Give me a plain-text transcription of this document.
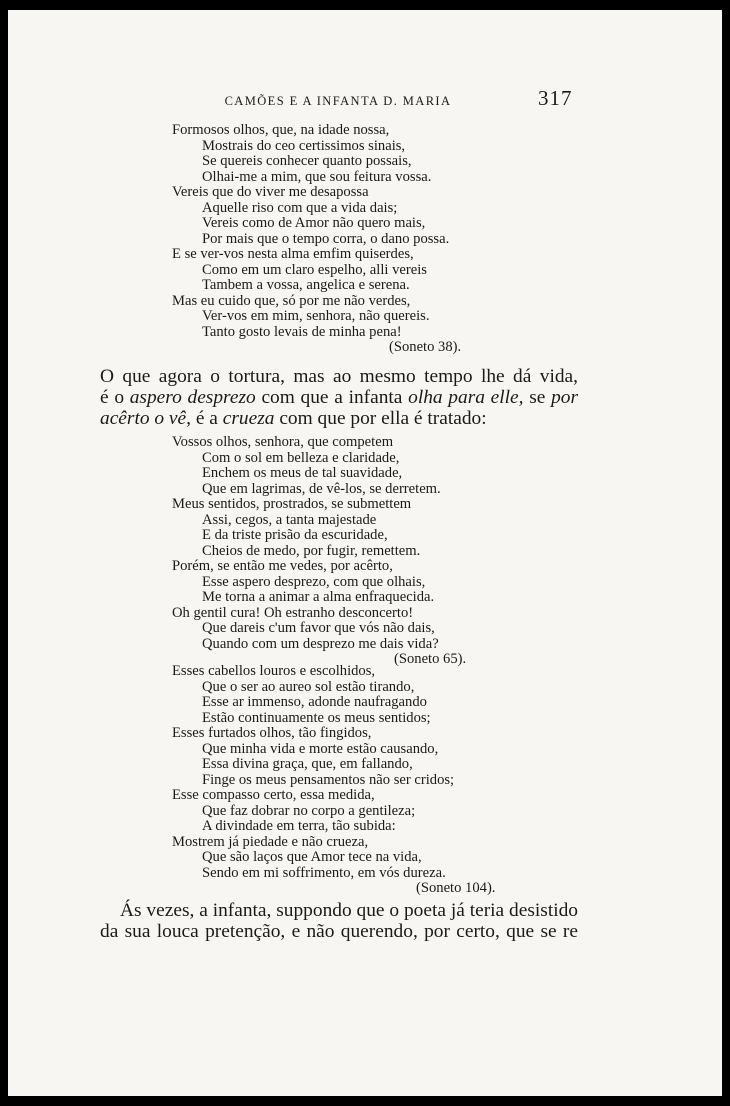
CAMÕES E A INFANTA D. MARIA	317
Formosos olhos, que, na idade nossa,
Mostrais do ceo certissimos sinais,
Se quereis conhecer quanto possais,
Olhai-me a mim, que sou feitura vossa.
Vereis que do viver me desapossa
Aquelle riso com que a vida dais;
Vereis como de Amor não quero mais,
Por mais que o tempo corra, o dano possa.
E se ver-vos nesta alma emfim quiserdes,
Como em um claro espelho, alli vereis
Tambem a vossa, angelica e serena.
Mas eu cuido que, só por me não verdes,
Ver-vos em mim, senhora, não quereis.
Tanto gosto levais de minha pena!
(Soneto 38).
O que agora o tortura, mas ao mesmo tempo lhe dá vida,
é o aspero desprezo com que a infanta olha para elle, se por
acêrto o vê, é a crueza com que por ella é tratado:
Vossos olhos, senhora, que competem
Com o sol em belleza e claridade,
Enchem os meus de tal suavidade,
Que em lagrimas, de vê-los, se derretem.
Meus sentidos, prostrados, se submettem
Assi, cegos, a tanta majestade
E da triste prisão da escuridade,
Cheios de medo, por fugir, remettem.
Porém, se então me vedes, por acêrto,
Esse aspero desprezo, com que olhais,
Me torna a animar a alma enfraquecida.
Oh gentil cura! Oh estranho desconcerto!
Que dareis c'um favor que vós não dais,
Quando com um desprezo me dais vida?
(Soneto 65).
Esses cabellos louros e escolhidos,
Que o ser ao aureo sol estão tirando,
Esse ar immenso, adonde naufragando
Estão continuamente os meus sentidos;
Esses furtados olhos, tão fingidos,
Que minha vida e morte estão causando,
Essa divina graça, que, em fallando,
Finge os meus pensamentos não ser cridos;
Esse compasso certo, essa medida,
Que faz dobrar no corpo a gentileza;
A divindade em terra, tão subida:
Mostrem já piedade e não crueza,
Que são laços que Amor tece na vida,
Sendo em mi soffrimento, em vós dureza.
(Soneto 104).
Ás vezes, a infanta, suppondo que o poeta já teria desistido
da sua louca pretenção, e não querendo, por certo, que se re
